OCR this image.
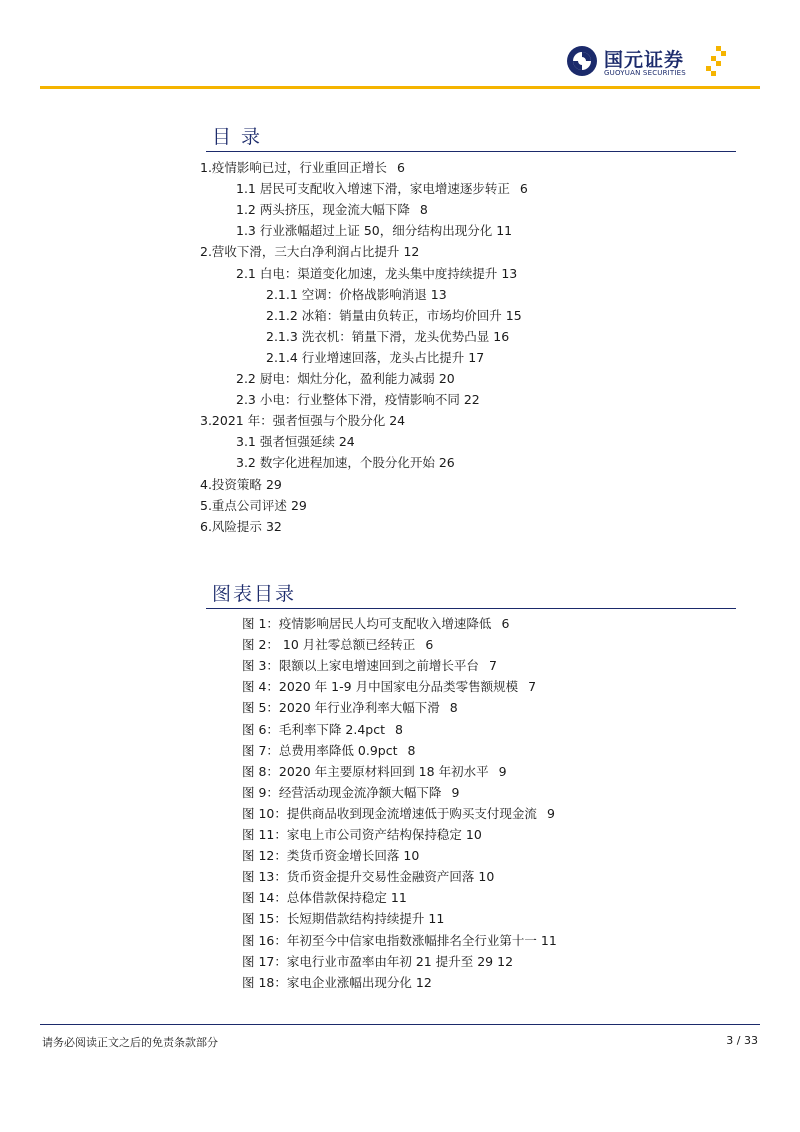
国元证券
GUOYUAN SECURITIES
目 录
1.疫情影响已过，行业重回正增长 6
1.1 居民可支配收入增速下滑，家电增速逐步转正 6
1.2 两头挤压，现金流大幅下降 8
1.3 行业涨幅超过上证 50，细分结构出现分化 11
2.营收下滑，三大白净利润占比提升 12
2.1 白电：渠道变化加速，龙头集中度持续提升 13
2.1.1 空调：价格战影响消退 13
2.1.2 冰箱：销量由负转正，市场均价回升 15
2.1.3 洗衣机：销量下滑，龙头优势凸显 16
2.1.4 行业增速回落，龙头占比提升 17
2.2 厨电：烟灶分化，盈利能力减弱 20
2.3 小电：行业整体下滑，疫情影响不同 22
3.2021 年：强者恒强与个股分化 24
3.1 强者恒强延续 24
3.2 数字化进程加速，个股分化开始 26
4.投资策略 29
5.重点公司评述 29
6.风险提示 32
图表目录
图 1：疫情影响居民人均可支配收入增速降低 6
图 2： 10 月社零总额已经转正 6
图 3：限额以上家电增速回到之前增长平台 7
图 4：2020 年 1-9 月中国家电分品类零售额规模 7
图 5：2020 年行业净利率大幅下滑 8
图 6：毛利率下降 2.4pct 8
图 7：总费用率降低 0.9pct 8
图 8：2020 年主要原材料回到 18 年初水平 9
图 9：经营活动现金流净额大幅下降 9
图 10：提供商品收到现金流增速低于购买支付现金流 9
图 11：家电上市公司资产结构保持稳定 10
图 12：类货币资金增长回落 10
图 13：货币资金提升交易性金融资产回落 10
图 14：总体借款保持稳定 11
图 15：长短期借款结构持续提升 11
图 16：年初至今中信家电指数涨幅排名全行业第十一 11
图 17：家电行业市盈率由年初 21 提升至 29 12
图 18：家电企业涨幅出现分化 12
请务必阅读正文之后的免责条款部分	3 / 33
